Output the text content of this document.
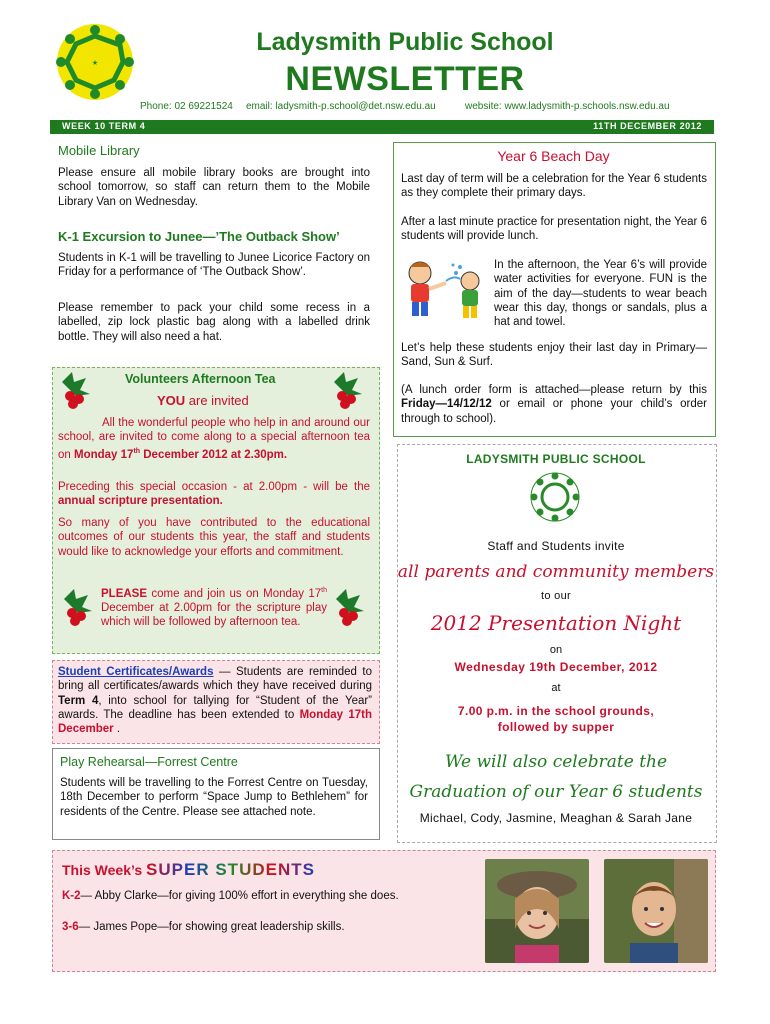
★
Ladysmith Public School
NEWSLETTER
Phone: 02 69221524 email: ladysmith-p.school@det.nsw.edu.au	website: www.ladysmith-p.schools.nsw.edu.au
WEEK 10 TERM 4	11TH DECEMBER 2012
Mobile Library

Please ensure all mobile library books are brought into school tomorrow, so staff can return them to the Mobile Library Van on Wednesday.

K-1 Excursion to Junee—’The Outback Show’

Students in K-1 will be travelling to Junee Licorice Factory on Friday for a performance of ‘The Outback Show’.

Please remember to pack your child some recess in a labelled, zip lock plastic bag along with a labelled drink bottle. They will also need a hat.

Volunteers Afternoon Tea
YOU are invited

All the wonderful people who help in and around our school, are invited to come along to a special afternoon tea on Monday 17th December 2012 at 2.30pm.

Preceding this special occasion - at 2.00pm - will be the annual scripture presentation.

So many of you have contributed to the educational outcomes of our students this year, the staff and students would like to acknowledge your efforts and commitment.

PLEASE come and join us on Monday 17th December at 2.00pm for the scripture play which will be followed by afternoon tea.

Student Certificates/Awards — Students are reminded to bring all certificates/awards which they have received during Term 4, into school for tallying for “Student of the Year” awards. The deadline has been extended to Monday 17th December .

Play Rehearsal—Forrest Centre

Students will be travelling to the Forrest Centre on Tuesday, 18th December to perform “Space Jump to Bethlehem” for residents of the Centre. Please see attached note.

Year 6 Beach Day

Last day of term will be a celebration for the Year 6 students as they complete their primary days.

After a last minute practice for presentation night, the Year 6 students will provide lunch.

In the afternoon, the Year 6’s will provide water activities for everyone. FUN is the aim of the day—students to wear beach wear this day, thongs or sandals, plus a hat and towel.

Let’s help these students enjoy their last day in Primary—Sand, Sun & Surf.

(A lunch order form is attached—please return by this Friday—14/12/12 or email or phone your child’s order through to school).

LADYSMITH PUBLIC SCHOOL
Staff and Students invite
all parents and community members
to our
2012 Presentation Night
on
Wednesday 19th December, 2012
at
7.00 p.m. in the school grounds,
followed by supper
We will also celebrate the
Graduation of our Year 6 students
Michael, Cody, Jasmine, Meaghan & Sarah Jane
This Week’s SUPER STUDENTS
K-2— Abby Clarke—for giving 100% effort in everything she does.
3-6— James Pope—for showing great leadership skills.
